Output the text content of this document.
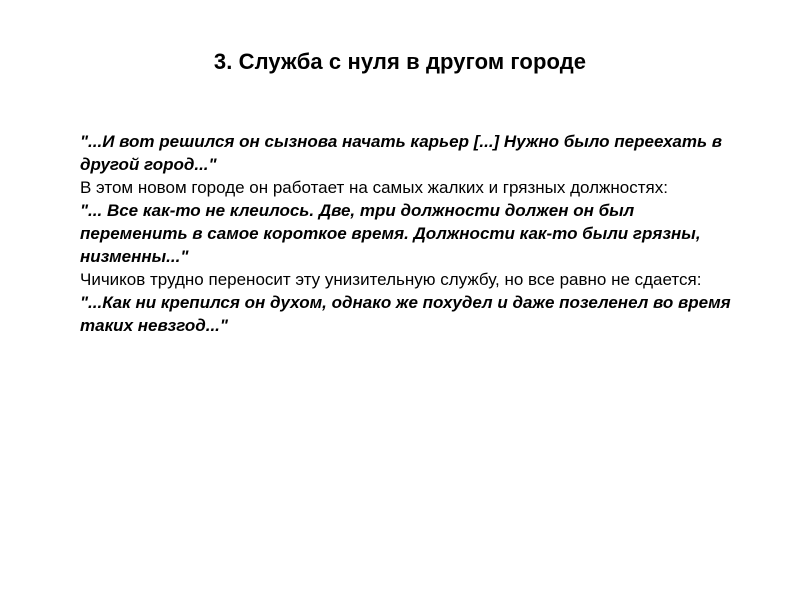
3. Служба с нуля в другом городе

"...И вот решился он сызнова начать карьер [...] Нужно было переехать в другой город..."

В этом новом городе он работает на самых жалких и грязных должностях:

"... Все как-то не клеилось. Две, три должности должен он был переменить в самое короткое время. Должности как-то были грязны, низменны..."

Чичиков трудно переносит эту унизительную службу, но все равно не сдается:

"...Как ни крепился он духом, однако же похудел и даже позеленел во время таких невзгод..."
